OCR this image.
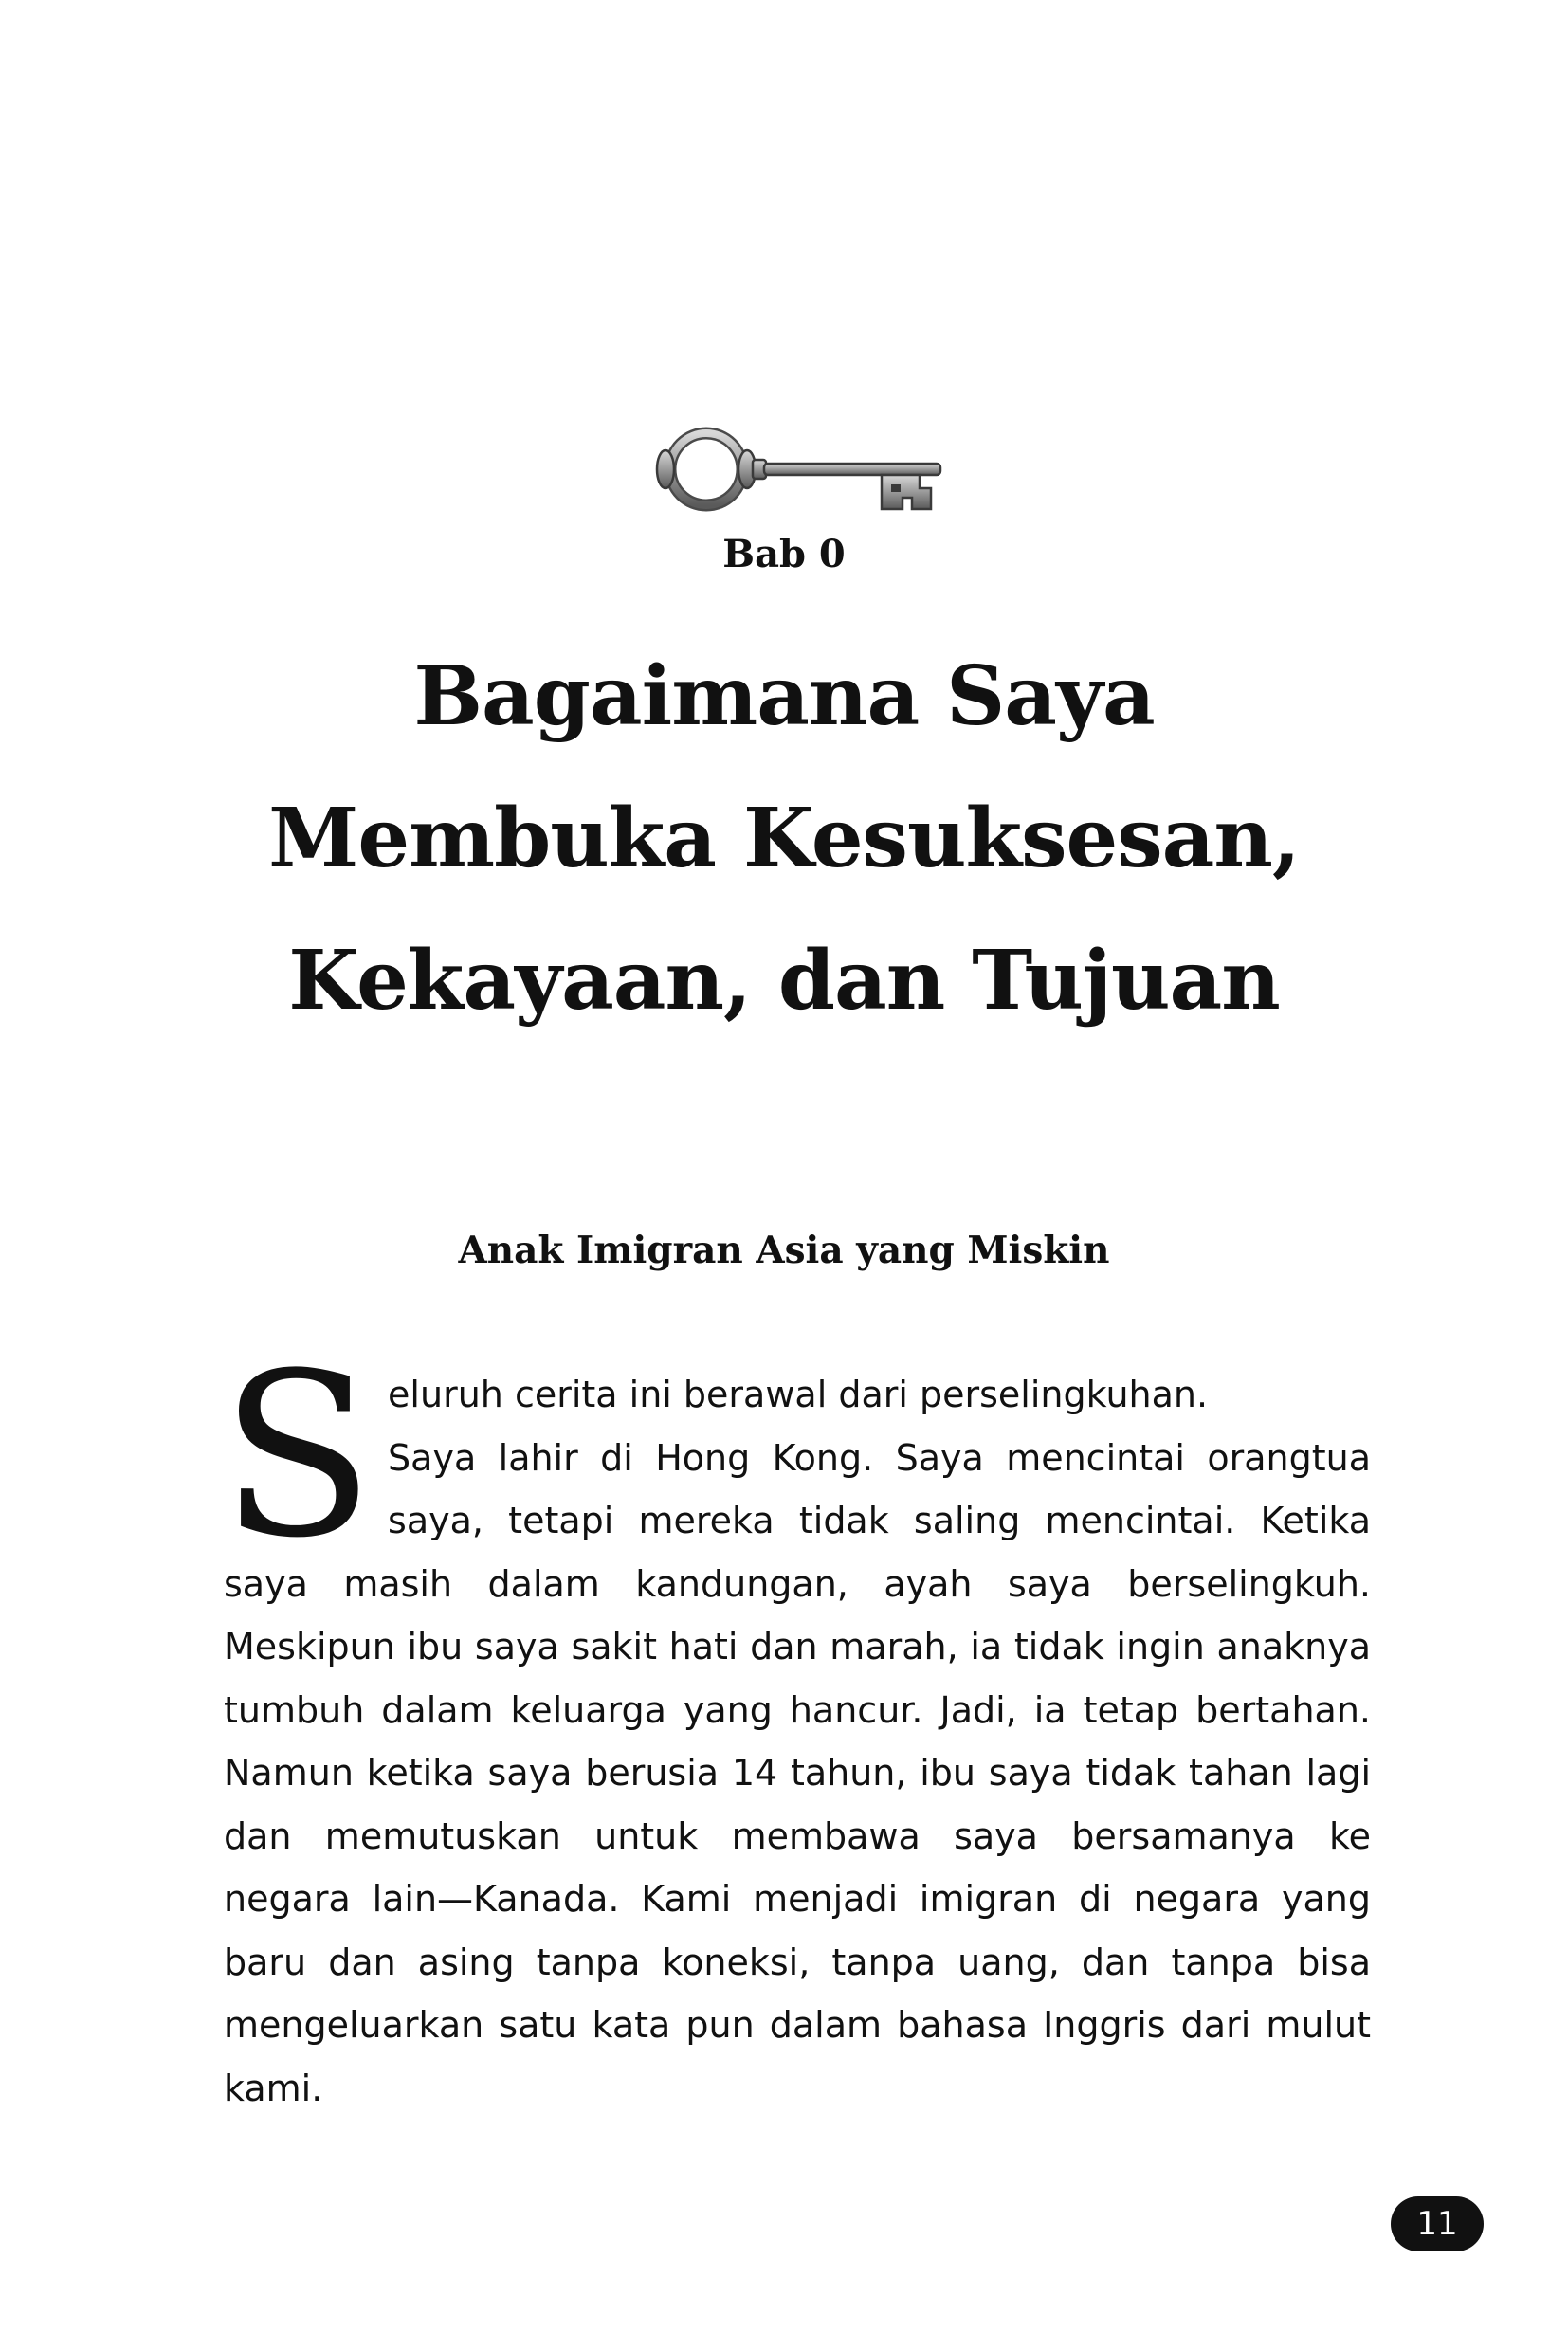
Bab 0
Bagaimana Saya
Membuka Kesuksesan,
Kekayaan, dan Tujuan
Anak Imigran Asia yang Miskin
S eluruh cerita ini berawal dari perselingkuhan.

Saya lahir di Hong Kong. Saya mencintai orangtua saya, tetapi mereka tidak saling mencintai. Ketika saya masih dalam kandungan, ayah saya berselingkuh. Meskipun ibu saya sakit hati dan marah, ia tidak ingin anaknya tumbuh dalam keluarga yang hancur. Jadi, ia tetap bertahan. Namun ketika saya berusia 14 tahun, ibu saya tidak tahan lagi dan memutuskan untuk membawa saya bersamanya ke negara lain—Kanada. Kami menjadi imigran di negara yang baru dan asing tanpa koneksi, tanpa uang, dan tanpa bisa mengeluarkan satu kata pun dalam bahasa Inggris dari mulut kami.

11
